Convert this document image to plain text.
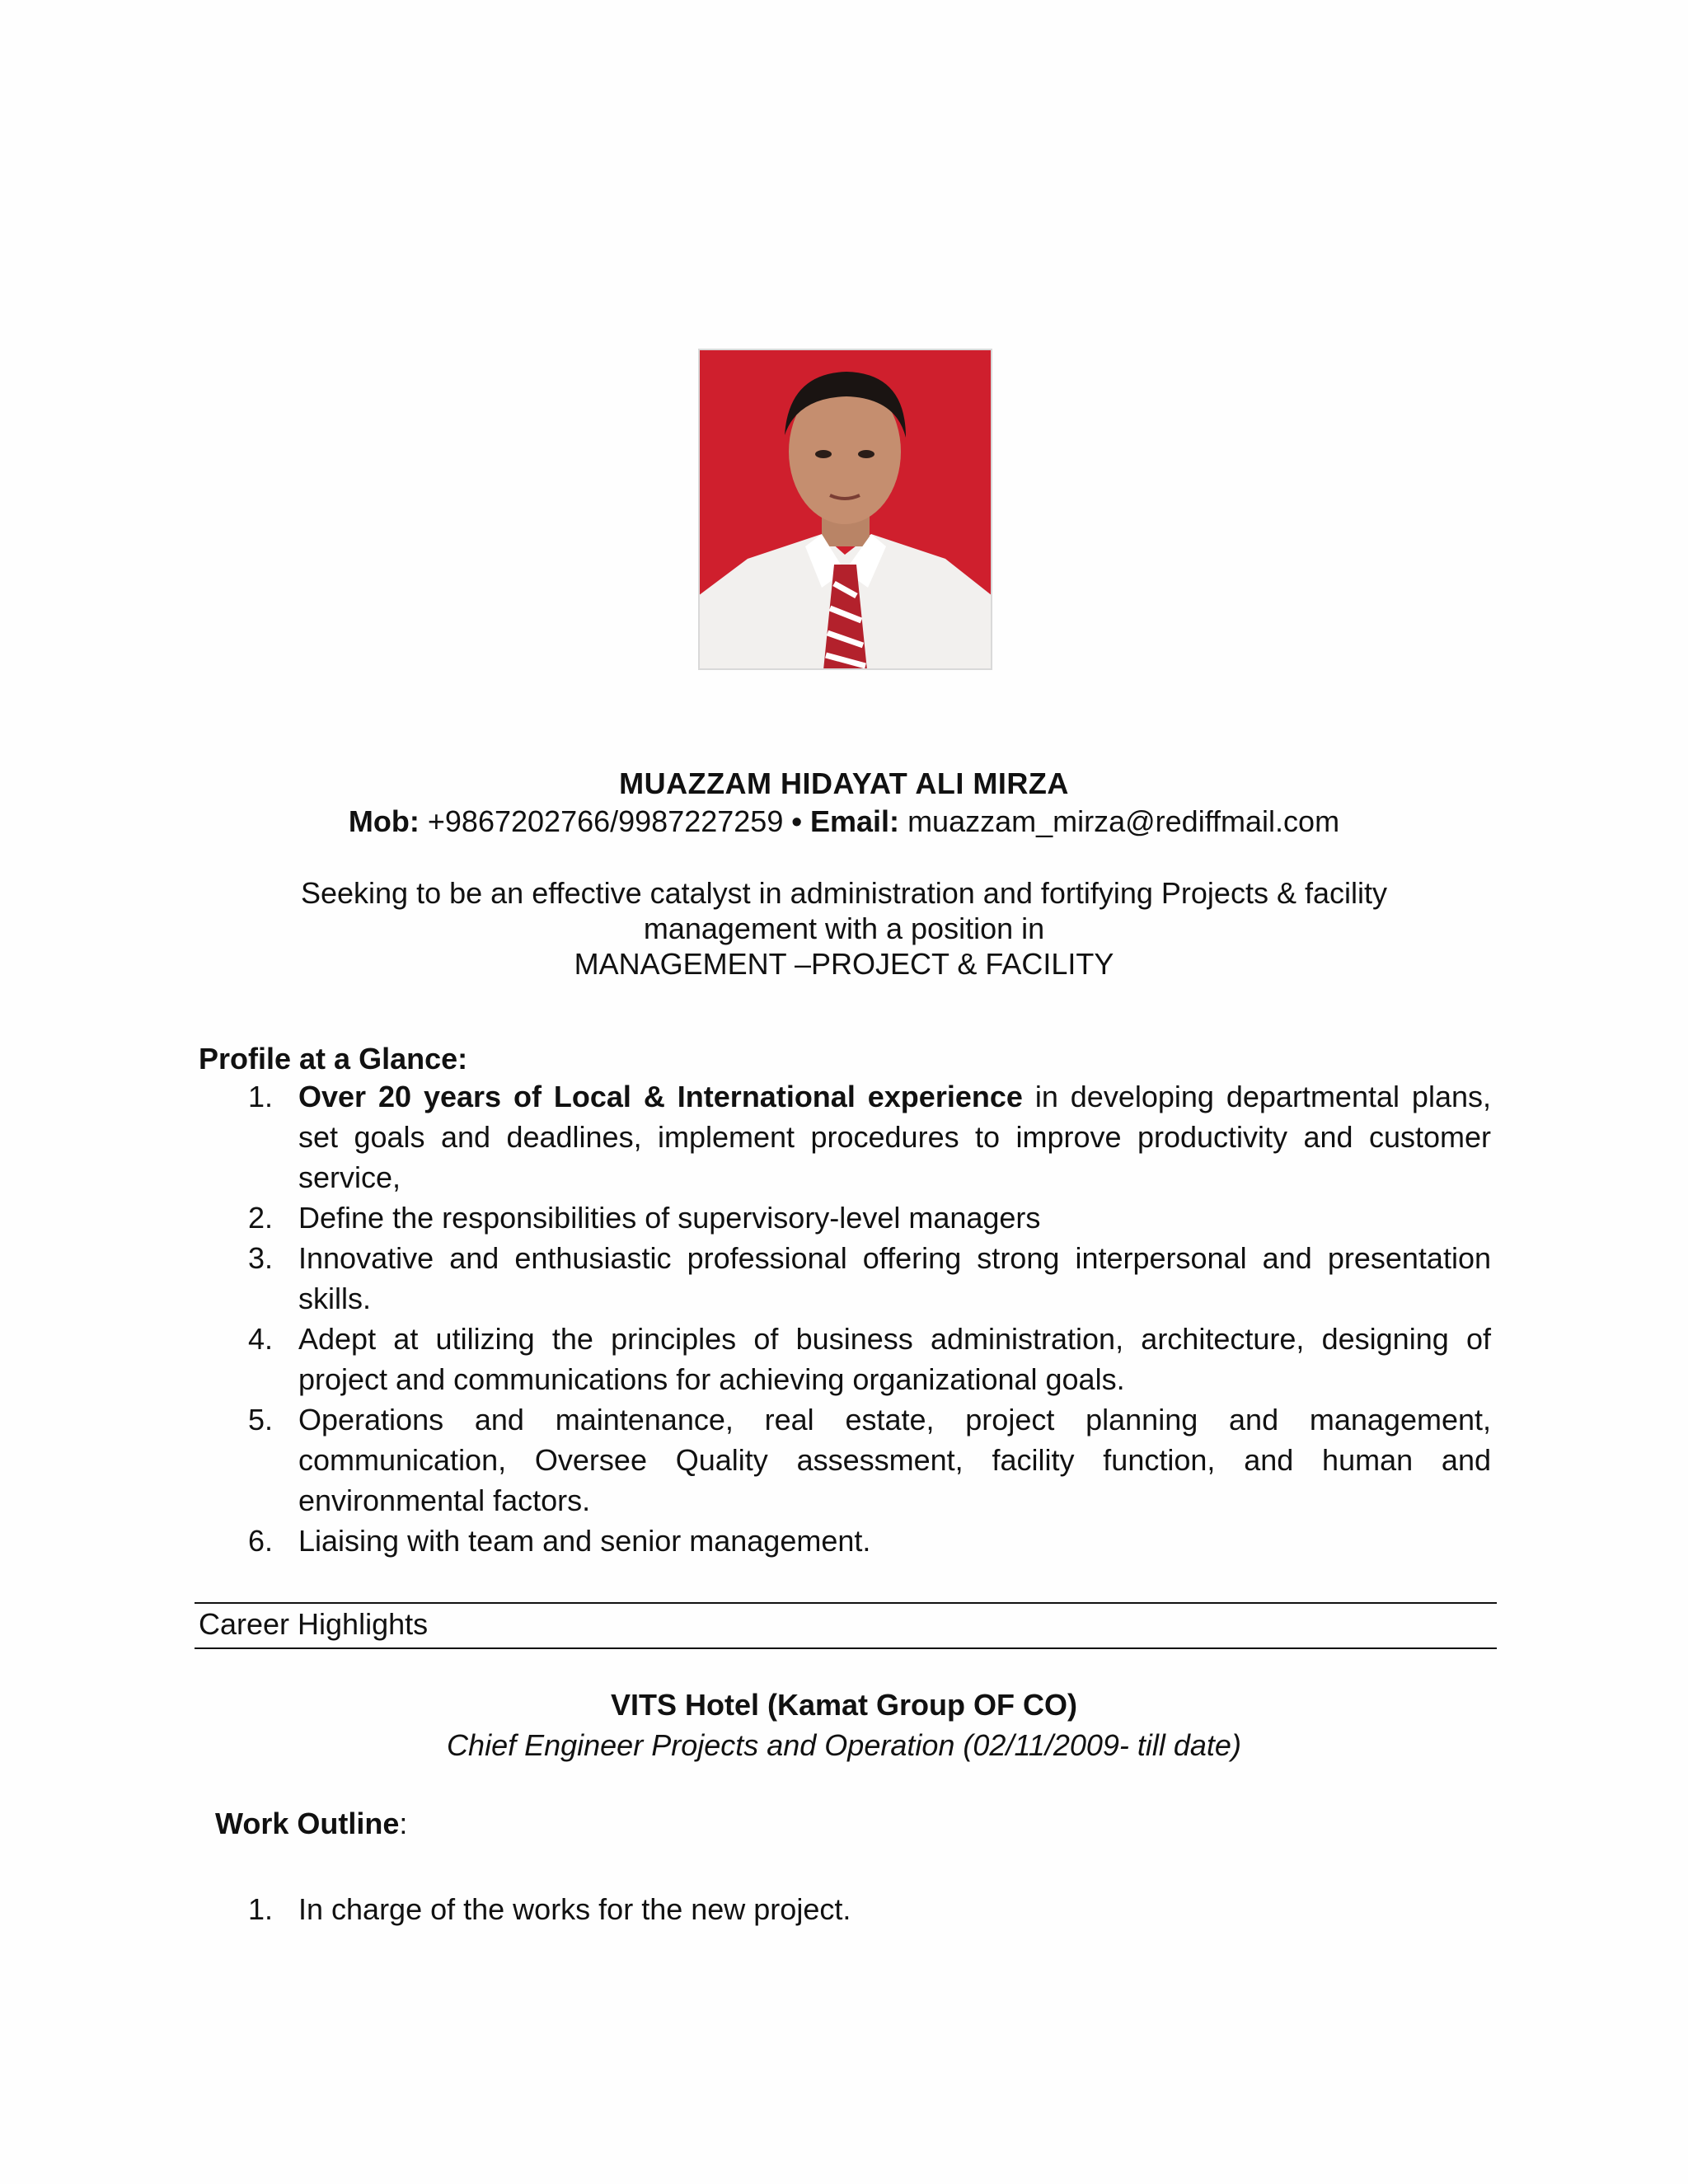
MUAZZAM HIDAYAT ALI MIRZA
Mob: +9867202766/9987227259 • Email: muazzam_mirza@rediffmail.com
Seeking to be an effective catalyst in administration and fortifying Projects & facility
management with a position in
MANAGEMENT –PROJECT & FACILITY
Profile at a Glance:
1. Over 20 years of Local & International experience in developing departmental plans, set goals and deadlines, implement procedures to improve productivity and customer service,
2. Define the responsibilities of supervisory-level managers
3. Innovative and enthusiastic professional offering strong interpersonal and presentation skills.
4. Adept at utilizing the principles of business administration, architecture, designing of project and communications for achieving organizational goals.
5. Operations and maintenance, real estate, project planning and management, communication, Oversee Quality assessment, facility function, and human and environmental factors.
6. Liaising with team and senior management.
Career Highlights
VITS Hotel (Kamat Group OF CO)
Chief Engineer Projects and Operation (02/11/2009- till date)
Work Outline:
1. In charge of the works for the new project.
